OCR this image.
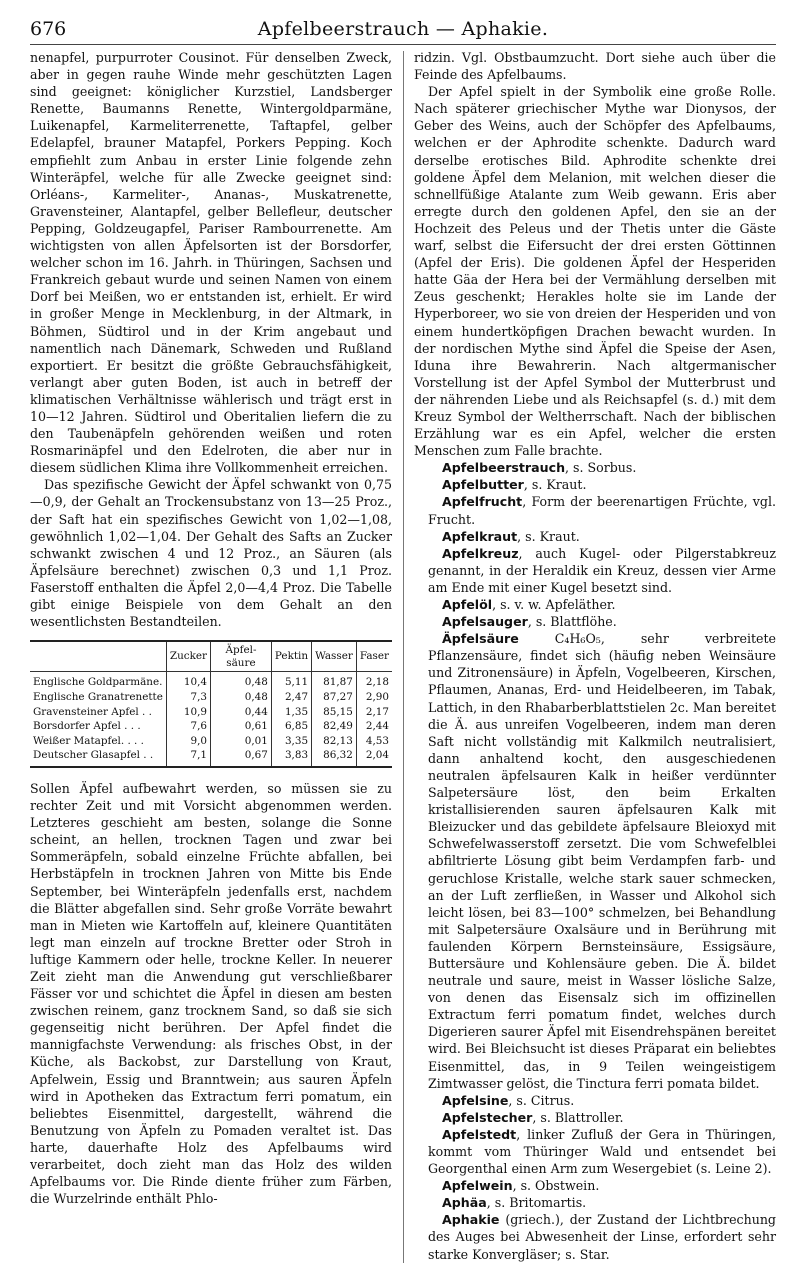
676	Apfelbeerstrauch — Aphakie.

nenapfel, purpurroter Cousinot. Für denselben Zweck, aber in gegen rauhe Winde mehr geschützten Lagen sind geeignet: königlicher Kurzstiel, Landsberger Renette, Baumanns Renette, Wintergoldparmäne, Luikenapfel, Karmeliterrenette, Taftapfel, gelber Edelapfel, brauner Matapfel, Porkers Pepping. Koch empfiehlt zum Anbau in erster Linie folgende zehn Winteräpfel, welche für alle Zwecke geeignet sind: Orléans-, Karmeliter-, Ananas-, Muskatrenette, Gravensteiner, Alantapfel, gelber Bellefleur, deutscher Pepping, Goldzeugapfel, Pariser Rambourrenette. Am wichtigsten von allen Äpfelsorten ist der Borsdorfer, welcher schon im 16. Jahrh. in Thüringen, Sachsen und Frankreich gebaut wurde und seinen Namen von einem Dorf bei Meißen, wo er entstanden ist, erhielt. Er wird in großer Menge in Mecklenburg, in der Altmark, in Böhmen, Südtirol und in der Krim angebaut und namentlich nach Dänemark, Schweden und Rußland exportiert. Er besitzt die größte Gebrauchsfähigkeit, verlangt aber guten Boden, ist auch in betreff der klimatischen Verhältnisse wählerisch und trägt erst in 10—12 Jahren. Südtirol und Oberitalien liefern die zu den Taubenäpfeln gehörenden weißen und roten Rosmarinäpfel und den Edelroten, die aber nur in diesem südlichen Klima ihre Vollkommenheit erreichen.

Das spezifische Gewicht der Äpfel schwankt von 0,75—0,9, der Gehalt an Trockensubstanz von 13—25 Proz., der Saft hat ein spezifisches Gewicht von 1,02—1,08, gewöhnlich 1,02—1,04. Der Gehalt des Safts an Zucker schwankt zwischen 4 und 12 Proz., an Säuren (als Äpfelsäure berechnet) zwischen 0,3 und 1,1 Proz. Faserstoff enthalten die Äpfel 2,0—4,4 Proz. Die Tabelle gibt einige Beispiele von dem Gehalt an den wesentlichsten Bestandteilen.

	Zucker	Äpfel-säure	Pektin	Wasser	Faser
Englische Goldparmäne.	10,4	0,48	5,11	81,87	2,18
Englische Granatrenette	7,3	0,48	2,47	87,27	2,90
Gravensteiner Apfel . .	10,9	0,44	1,35	85,15	2,17
Borsdorfer Apfel . . .	7,6	0,61	6,85	82,49	2,44
Weißer Matapfel. . . .	9,0	0,01	3,35	82,13	4,53
Deutscher Glasapfel . .	7,1	0,67	3,83	86,32	2,04

Sollen Äpfel aufbewahrt werden, so müssen sie zu rechter Zeit und mit Vorsicht abgenommen werden. Letzteres geschieht am besten, solange die Sonne scheint, an hellen, trocknen Tagen und zwar bei Sommeräpfeln, sobald einzelne Früchte abfallen, bei Herbstäpfeln in trocknen Jahren von Mitte bis Ende September, bei Winteräpfeln jedenfalls erst, nachdem die Blätter abgefallen sind. Sehr große Vorräte bewahrt man in Mieten wie Kartoffeln auf, kleinere Quantitäten legt man einzeln auf trockne Bretter oder Stroh in luftige Kammern oder helle, trockne Keller. In neuerer Zeit zieht man die Anwendung gut verschließbarer Fässer vor und schichtet die Äpfel in diesen am besten zwischen reinem, ganz trocknem Sand, so daß sie sich gegenseitig nicht berühren. Der Apfel findet die mannigfachste Verwendung: als frisches Obst, in der Küche, als Backobst, zur Darstellung von Kraut, Apfelwein, Essig und Branntwein; aus sauren Äpfeln wird in Apotheken das Extractum ferri pomatum, ein beliebtes Eisenmittel, dargestellt, während die Benutzung von Äpfeln zu Pomaden veraltet ist. Das harte, dauerhafte Holz des Apfelbaums wird verarbeitet, doch zieht man das Holz des wilden Apfelbaums vor. Die Rinde diente früher zum Färben, die Wurzelrinde enthält Phlo-

ridzin. Vgl. Obstbaumzucht. Dort siehe auch über die Feinde des Apfelbaums.

Der Apfel spielt in der Symbolik eine große Rolle. Nach späterer griechischer Mythe war Dionysos, der Geber des Weins, auch der Schöpfer des Apfelbaums, welchen er der Aphrodite schenkte. Dadurch ward derselbe erotisches Bild. Aphrodite schenkte drei goldene Äpfel dem Melanion, mit welchen dieser die schnellfüßige Atalante zum Weib gewann. Eris aber erregte durch den goldenen Apfel, den sie an der Hochzeit des Peleus und der Thetis unter die Gäste warf, selbst die Eifersucht der drei ersten Göttinnen (Apfel der Eris). Die goldenen Äpfel der Hesperiden hatte Gäa der Hera bei der Vermählung derselben mit Zeus geschenkt; Herakles holte sie im Lande der Hyperboreer, wo sie von dreien der Hesperiden und von einem hundertköpfigen Drachen bewacht wurden. In der nordischen Mythe sind Äpfel die Speise der Asen, Iduna ihre Bewahrerin. Nach altgermanischer Vorstellung ist der Apfel Symbol der Mutterbrust und der nährenden Liebe und als Reichsapfel (s. d.) mit dem Kreuz Symbol der Weltherrschaft. Nach der biblischen Erzählung war es ein Apfel, welcher die ersten Menschen zum Falle brachte.

Apfelbeerstrauch, s. Sorbus.

Apfelbutter, s. Kraut.

Apfelfrucht, Form der beerenartigen Früchte, vgl. Frucht.

Apfelkraut, s. Kraut.

Apfelkreuz, auch Kugel- oder Pilgerstabkreuz genannt, in der Heraldik ein Kreuz, dessen vier Arme am Ende mit einer Kugel besetzt sind.

Apfelöl, s. v. w. Apfeläther.

Apfelsauger, s. Blattflöhe.

Äpfelsäure C₄H₆O₅, sehr verbreitete Pflanzensäure, findet sich (häufig neben Weinsäure und Zitronensäure) in Äpfeln, Vogelbeeren, Kirschen, Pflaumen, Ananas, Erd- und Heidelbeeren, im Tabak, Lattich, in den Rhabarberblattstielen 2c. Man bereitet die Ä. aus unreifen Vogelbeeren, indem man deren Saft nicht vollständig mit Kalkmilch neutralisiert, dann anhaltend kocht, den ausgeschiedenen neutralen äpfelsauren Kalk in heißer verdünnter Salpetersäure löst, den beim Erkalten kristallisierenden sauren äpfelsauren Kalk mit Bleizucker und das gebildete äpfelsaure Bleioxyd mit Schwefelwasserstoff zersetzt. Die vom Schwefelblei abfiltrierte Lösung gibt beim Verdampfen farb- und geruchlose Kristalle, welche stark sauer schmecken, an der Luft zerfließen, in Wasser und Alkohol sich leicht lösen, bei 83—100° schmelzen, bei Behandlung mit Salpetersäure Oxalsäure und in Berührung mit faulenden Körpern Bernsteinsäure, Essigsäure, Buttersäure und Kohlensäure geben. Die Ä. bildet neutrale und saure, meist in Wasser lösliche Salze, von denen das Eisensalz sich im offizinellen Extractum ferri pomatum findet, welches durch Digerieren saurer Äpfel mit Eisendrehspänen bereitet wird. Bei Bleichsucht ist dieses Präparat ein beliebtes Eisenmittel, das, in 9 Teilen weingeistigem Zimtwasser gelöst, die Tinctura ferri pomata bildet.

Apfelsine, s. Citrus.

Apfelstecher, s. Blattroller.

Apfelstedt, linker Zufluß der Gera in Thüringen, kommt vom Thüringer Wald und entsendet bei Georgenthal einen Arm zum Wesergebiet (s. Leine 2).

Apfelwein, s. Obstwein.

Aphäa, s. Britomartis.

Aphakie (griech.), der Zustand der Lichtbrechung des Auges bei Abwesenheit der Linse, erfordert sehr starke Konvergläser; s. Star.
